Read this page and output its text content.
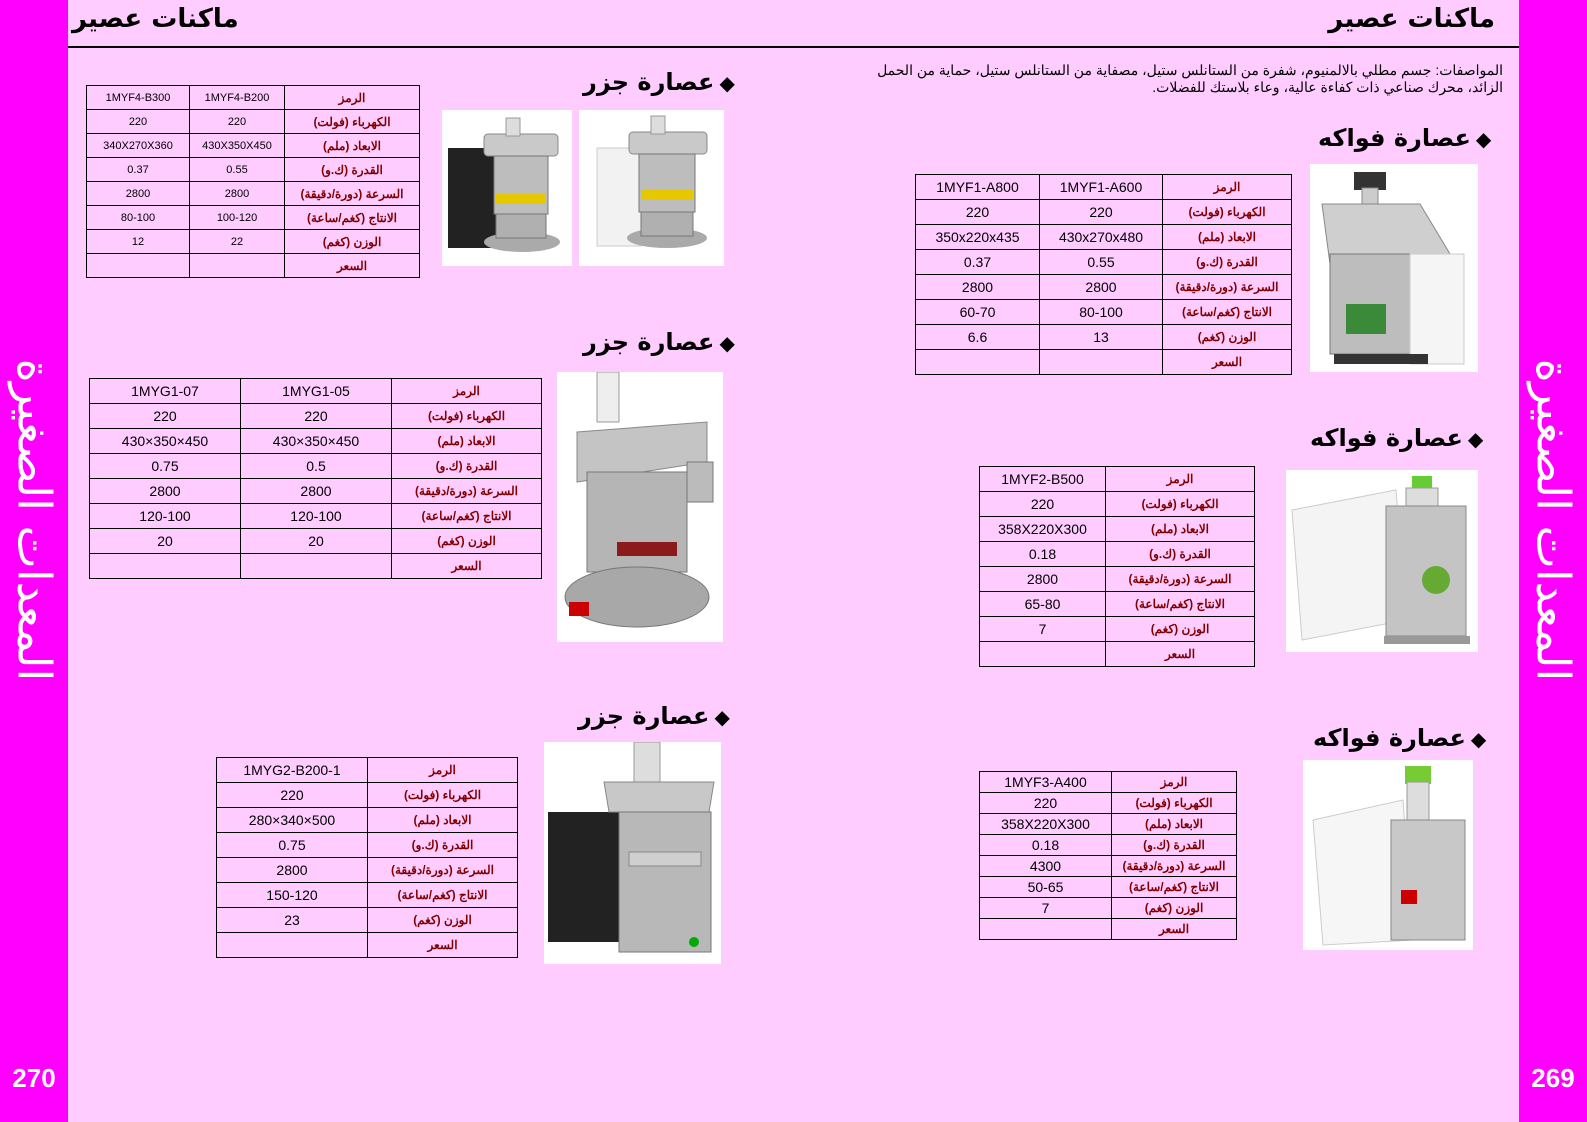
المعدات الصغيرة
270
المعدات الصغيرة
269
ماكنات عصير	ماكنات عصير
المواصفات: جسم مطلي بالالمنيوم، شفرة من الستانلس ستيل، مصفاية من الستانلس ستيل، حماية من الحمل الزائد، محرك صناعي ذات كفاءة عالية، وعاء بلاستك للفضلات.
◆عصارة جزر
1MYF4-B300	1MYF4-B200	الرمز
220	220	الكهرباء (فولت)
340X270X360	430X350X450	الابعاد (ملم)
0.37	0.55	القدرة (ك.و)
2800	2800	السرعة (دورة/دقيقة)
80-100	100-120	الانتاج (كغم/ساعة)
12	22	الوزن (كغم)
		السعر
◆عصارة جزر
1MYG1-07	1MYG1-05	الرمز
220	220	الكهرباء (فولت)
430×350×450	430×350×450	الابعاد (ملم)
0.75	0.5	القدرة (ك.و)
2800	2800	السرعة (دورة/دقيقة)
120-100	120-100	الانتاج (كغم/ساعة)
20	20	الوزن (كغم)
		السعر
◆عصارة جزر
1MYG2-B200-1	الرمز
220	الكهرباء (فولت)
280×340×500	الابعاد (ملم)
0.75	القدرة (ك.و)
2800	السرعة (دورة/دقيقة)
150-120	الانتاج (كغم/ساعة)
23	الوزن (كغم)
	السعر
◆عصارة فواكه
1MYF1-A800	1MYF1-A600	الرمز
220	220	الكهرباء (فولت)
350x220x435	430x270x480	الابعاد (ملم)
0.37	0.55	القدرة (ك.و)
2800	2800	السرعة (دورة/دقيقة)
60-70	80-100	الانتاج (كغم/ساعة)
6.6	13	الوزن (كغم)
		السعر
◆عصارة فواكه
1MYF2-B500	الرمز
220	الكهرباء (فولت)
358X220X300	الابعاد (ملم)
0.18	القدرة (ك.و)
2800	السرعة (دورة/دقيقة)
65-80	الانتاج (كغم/ساعة)
7	الوزن (كغم)
	السعر
◆عصارة فواكه
1MYF3-A400	الرمز
220	الكهرباء (فولت)
358X220X300	الابعاد (ملم)
0.18	القدرة (ك.و)
4300	السرعة (دورة/دقيقة)
50-65	الانتاج (كغم/ساعة)
7	الوزن (كغم)
	السعر
